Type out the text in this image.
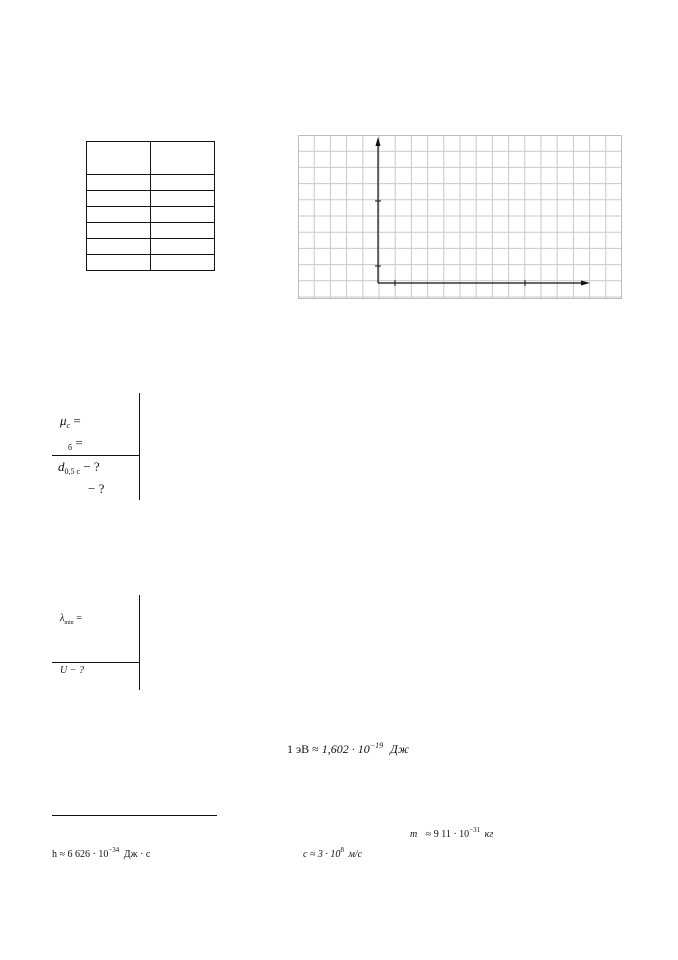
$\mu_c$ =
$_б$ =
$d_{0,5 c}$ − ?
− ?
$\lambda_{min}$ =
U − ?
1 эВ ≈ $1,602 \cdot 10^{-19}$ Дж
m ≈ 9 $11 \cdot 10^{-31}$ кг
h ≈ 6 $626 \cdot 10^{-34}$ Дж · с	$c \approx 3 \cdot 10^8$ м/с
